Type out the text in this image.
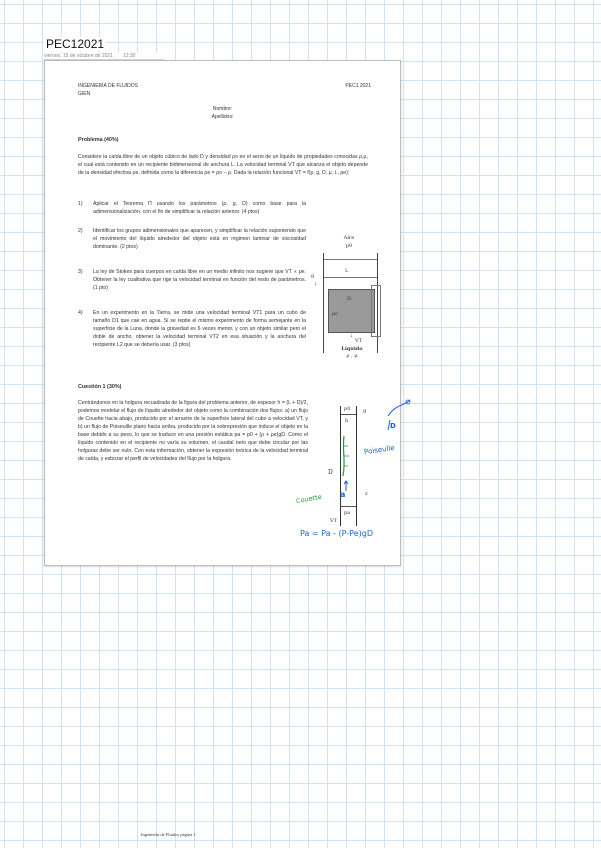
PEC12021
viernes, 15 de octubre de 2021 12:30
INGENIERÍA DE FLUIDOS
GIEN
PEC1 2021
Nombre:
Apellidos:
Problema (40%)
Considere la caída libre de un objeto cúbico de lado D y densidad ρo en el seno de un líquido de propiedades conocidas ρ,μ, el cual está contenido en un recipiente bidimensional de anchura L. La velocidad terminal VT que alcanza el objeto depende de la densidad efectiva ρe, definida como la diferencia ρe = ρo − ρ. Dada la relación funcional VT = f(ρ, g, D, μ, L, ρe):
1) Aplicar el Teorema Π usando los parámetros (ρ, g, D) como base para la adimensionalización, con el fin de simplificar la relación anterior. (4 ptos)
2) Identificar los grupos adimensionales que aparecen, y simplificar la relación suponiendo que el movimiento del líquido alrededor del objeto está en régimen laminar de viscosidad dominante. (2 ptos)
3) La ley de Stokes para cuerpos en caída libre en un medio infinito nos sugiere que VT ∝ ρe. Obtener la ley cualitativa que rige la velocidad terminal en función del resto de parámetros. (1 pto)
4) En un experimento en la Tierra, se mide una velocidad terminal VT1 para un cubo de tamaño D1 que cae en agua. Si se repite el mismo experimento de forma semejante en la superficie de la Luna, donde la gravedad es 6 veces menor, y con un objeto similar pero el doble de ancho, obtener la velocidad terminal VT2 en esa situación y la anchura del recipiente L2 que se debería usar. (3 ptos)
Aire
p0
g
↓
L
D
ρo
↓
VT
Líquido
ρ , μ
Cuestión 1 (30%)
Centrándonos en la holgura recuadrada de la figura del problema anterior, de espesor h = (L + D)/2, podemos modelar el flujo de líquido alrededor del objeto como la combinación dos flujos: a) un flujo de Couette hacia abajo, producido por el arrastre de la superficie lateral del cubo a velocidad VT, y b) un flujo de Poiseuille plano hacia arriba, producido por la sobrepresión que induce el objeto en la base debido a su peso, lo que se traduce en una presión estática pa = p0 + (ρ + ρe)gD. Como el líquido contenido en el recipiente no varía su volumen, el caudal neto que debe circular por las holguras debe ser nulo. Con esta información, obtener la expresión teórica de la velocidad terminal de caída, y esbozar el perfil de velocidades del flujo por la holgura.
p0
h
D
pa
VT
g
z
Poiseulle
Couette a
D
Pa = Pa - (P-Pe)gD
Ingeniería de Fluidos página 1
